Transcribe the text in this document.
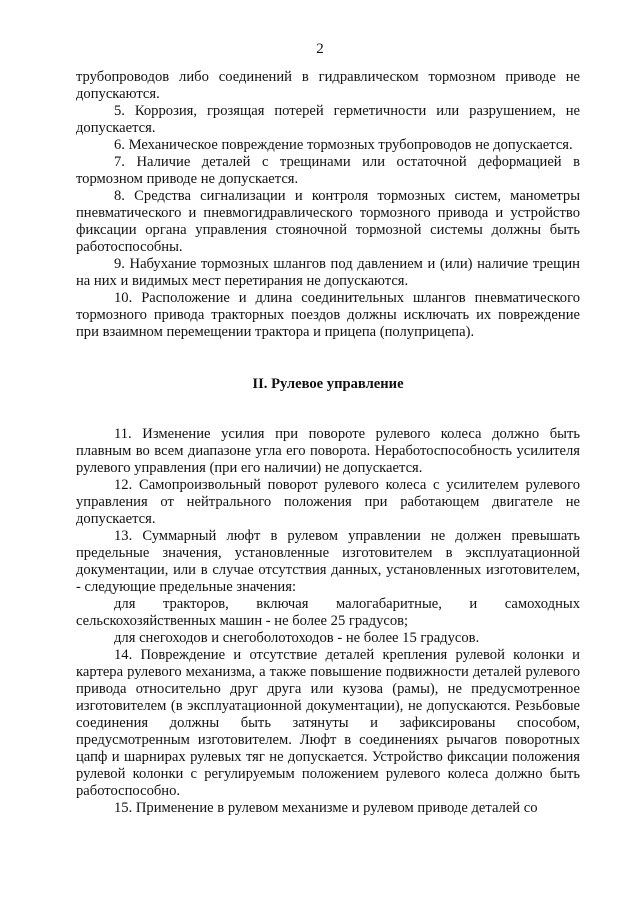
2

трубопроводов либо соединений в гидравлическом тормозном приводе не допускаются.

5. Коррозия, грозящая потерей герметичности или разрушением, не допускается.

6. Механическое повреждение тормозных трубопроводов не допускается.

7. Наличие деталей с трещинами или остаточной деформацией в тормозном приводе не допускается.

8. Средства сигнализации и контроля тормозных систем, манометры пневматического и пневмогидравлического тормозного привода и устройство фиксации органа управления стояночной тормозной системы должны быть работоспособны.

9. Набухание тормозных шлангов под давлением и (или) наличие трещин на них и видимых мест перетирания не допускаются.

10. Расположение и длина соединительных шлангов пневматического тормозного привода тракторных поездов должны исключать их повреждение при взаимном перемещении трактора и прицепа (полуприцепа).

II. Рулевое управление

11. Изменение усилия при повороте рулевого колеса должно быть плавным во всем диапазоне угла его поворота. Неработоспособность усилителя рулевого управления (при его наличии) не допускается.

12. Самопроизвольный поворот рулевого колеса с усилителем рулевого управления от нейтрального положения при работающем двигателе не допускается.

13. Суммарный люфт в рулевом управлении не должен превышать предельные значения, установленные изготовителем в эксплуатационной документации, или в случае отсутствия данных, установленных изготовителем, - следующие предельные значения:

для тракторов, включая малогабаритные, и самоходных

сельскохозяйственных машин - не более 25 градусов;

для снегоходов и снегоболотоходов - не более 15 градусов.

14. Повреждение и отсутствие деталей крепления рулевой колонки и картера рулевого механизма, а также повышение подвижности деталей рулевого привода относительно друг друга или кузова (рамы), не предусмотренное изготовителем (в эксплуатационной документации), не допускаются. Резьбовые соединения должны быть затянуты и зафиксированы способом, предусмотренным изготовителем. Люфт в соединениях рычагов поворотных цапф и шарнирах рулевых тяг не допускается. Устройство фиксации положения рулевой колонки с регулируемым положением рулевого колеса должно быть работоспособно.

15. Применение в рулевом механизме и рулевом приводе деталей со
